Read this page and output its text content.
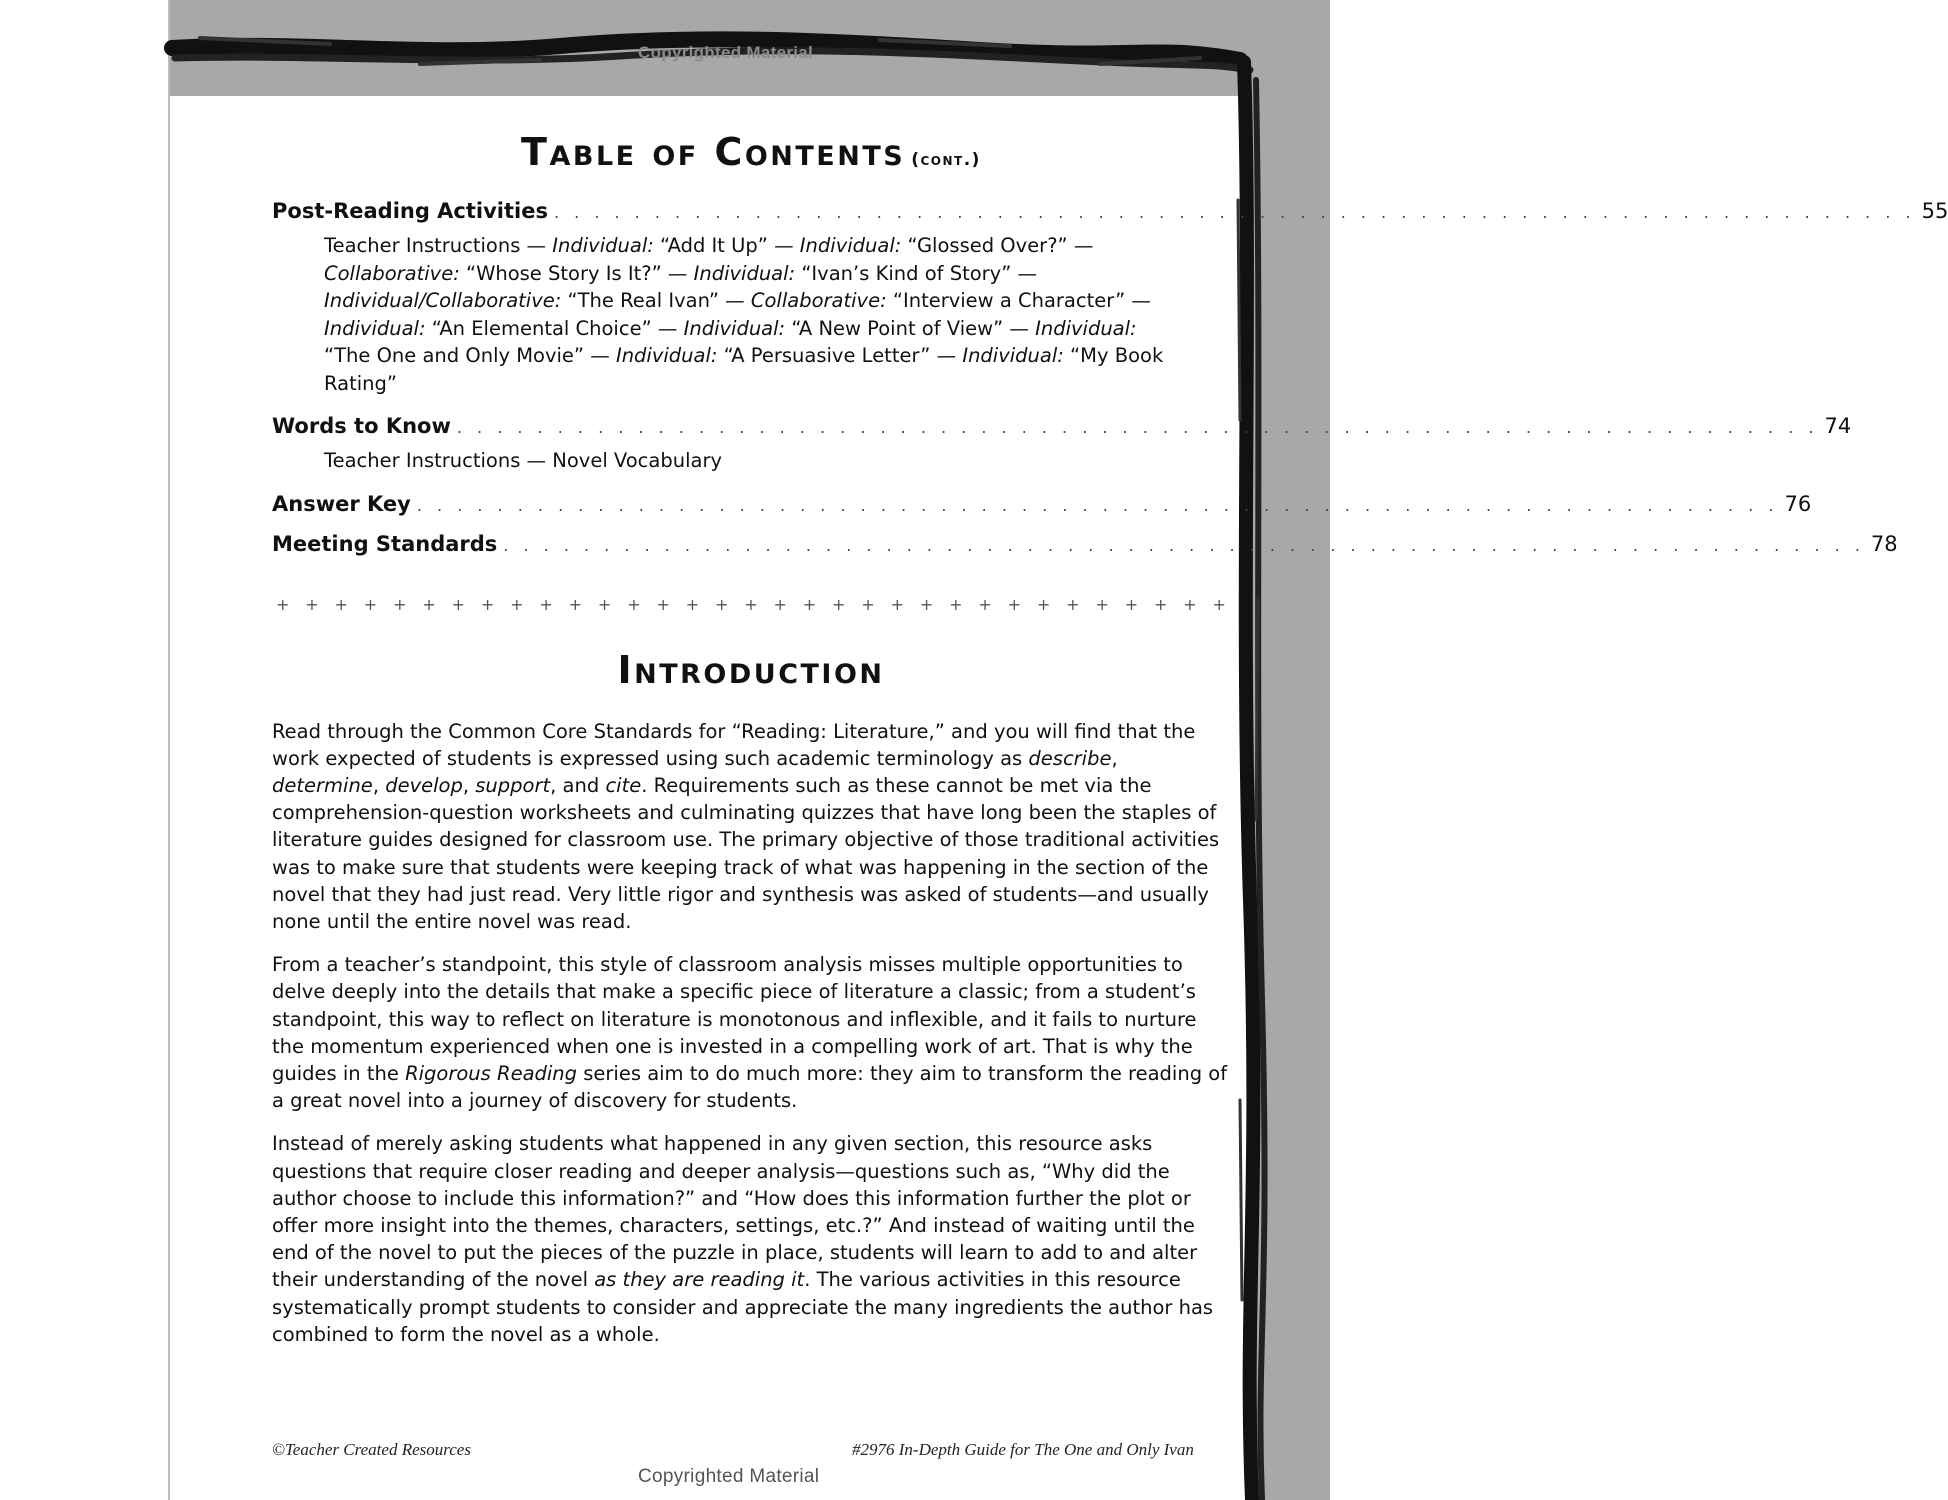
Copyrighted Material
Table of Contents (cont.)
Post-Reading Activities . . . . . . . . . . . . . . . . . . . . . . . . . . . . . . . . . . . . . . . . . . . . . . . . . . . . . . . . . . . . . . . . . . . . 55
Teacher Instructions — Individual: “Add It Up” — Individual: “Glossed Over?” — Collaborative: “Whose Story Is It?” — Individual: “Ivan’s Kind of Story” — Individual/Collaborative: “The Real Ivan” — Collaborative: “Interview a Character” — Individual: “An Elemental Choice” — Individual: “A New Point of View” — Individual: “The One and Only Movie” — Individual: “A Persuasive Letter” — Individual: “My Book Rating”
Words to Know . . . . . . . . . . . . . . . . . . . . . . . . . . . . . . . . . . . . . . . . . . . . . . . . . . . . . . . . . . . . . . . . . . . . 74
Teacher Instructions — Novel Vocabulary
Answer Key . . . . . . . . . . . . . . . . . . . . . . . . . . . . . . . . . . . . . . . . . . . . . . . . . . . . . . . . . . . . . . . . . . . . 76
Meeting Standards . . . . . . . . . . . . . . . . . . . . . . . . . . . . . . . . . . . . . . . . . . . . . . . . . . . . . . . . . . . . . . . . . . . . 78
+ + + + + + + + + + + + + + + + + + + + + + + + + + + + + + + + +
Introduction

Read through the Common Core Standards for “Reading: Literature,” and you will find that the work expected of students is expressed using such academic terminology as describe, determine, develop, support, and cite. Requirements such as these cannot be met via the comprehension-question worksheets and culminating quizzes that have long been the staples of literature guides designed for classroom use. The primary objective of those traditional activities was to make sure that students were keeping track of what was happening in the section of the novel that they had just read. Very little rigor and synthesis was asked of students—and usually none until the entire novel was read.

From a teacher’s standpoint, this style of classroom analysis misses multiple opportunities to delve deeply into the details that make a specific piece of literature a classic; from a student’s standpoint, this way to reflect on literature is monotonous and inflexible, and it fails to nurture the momentum experienced when one is invested in a compelling work of art. That is why the guides in the Rigorous Reading series aim to do much more: they aim to transform the reading of a great novel into a journey of discovery for students.

Instead of merely asking students what happened in any given section, this resource asks questions that require closer reading and deeper analysis—questions such as, “Why did the author choose to include this information?” and “How does this information further the plot or offer more insight into the themes, characters, settings, etc.?” And instead of waiting until the end of the novel to put the pieces of the puzzle in place, students will learn to add to and alter their understanding of the novel as they are reading it. The various activities in this resource systematically prompt students to consider and appreciate the many ingredients the author has combined to form the novel as a whole.

©Teacher Created Resources
Copyrighted Material
#2976 In-Depth Guide for The One and Only Ivan
